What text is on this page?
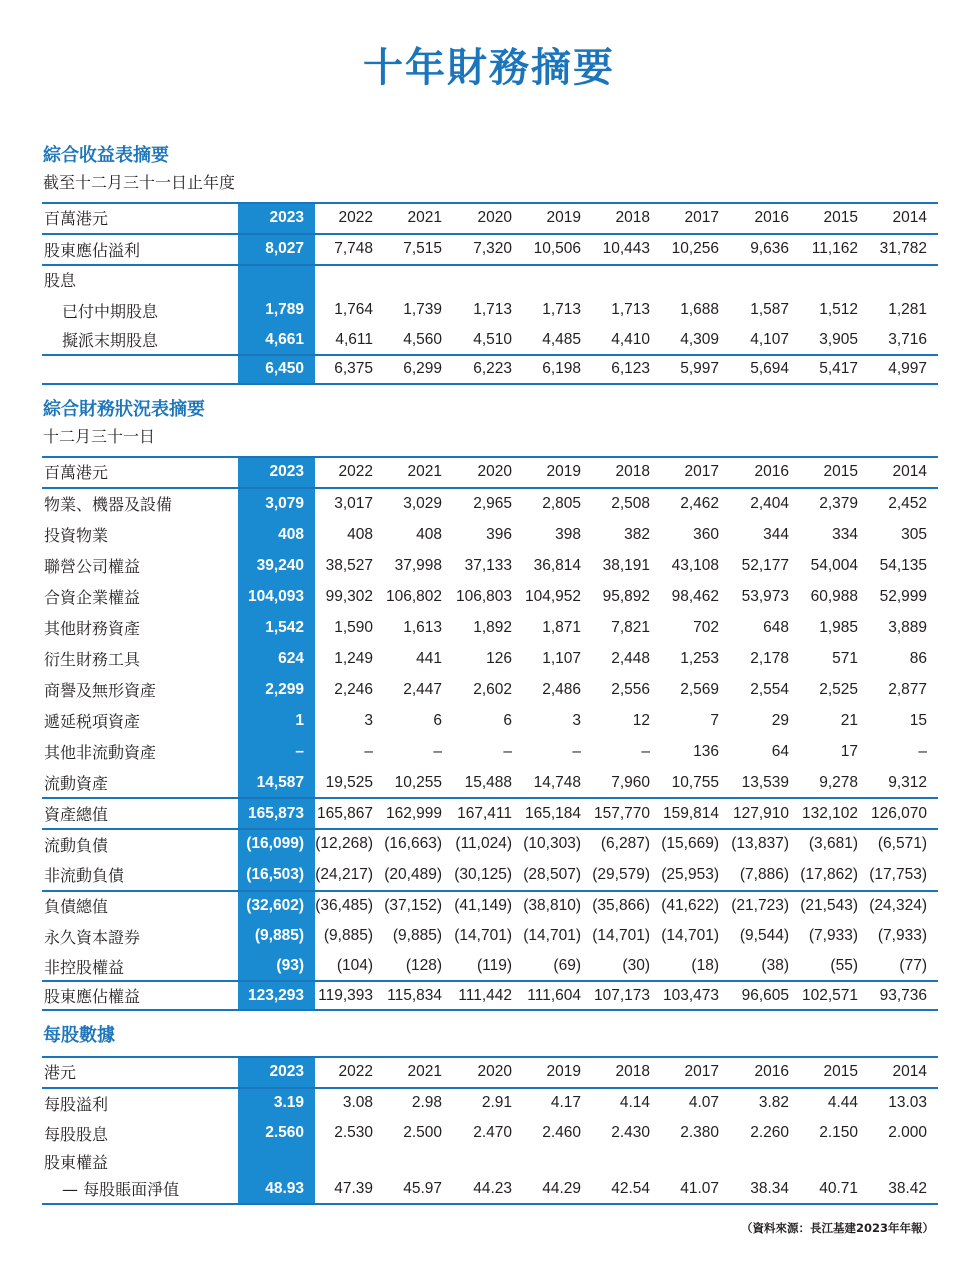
十年財務摘要
綜合收益表摘要
截至十二月三十一日止年度
百萬港元	2023	2022	2021	2020	2019	2018	2017	2016	2015	2014
股東應佔溢利	8,027	7,748	7,515	7,320	10,506	10,443	10,256	9,636	11,162	31,782
股息
已付中期股息	1,789	1,764	1,739	1,713	1,713	1,713	1,688	1,587	1,512	1,281
擬派末期股息	4,661	4,611	4,560	4,510	4,485	4,410	4,309	4,107	3,905	3,716
6,450	6,375	6,299	6,223	6,198	6,123	5,997	5,694	5,417	4,997
綜合財務狀況表摘要
十二月三十一日
百萬港元	2023	2022	2021	2020	2019	2018	2017	2016	2015	2014
物業、機器及設備	3,079	3,017	3,029	2,965	2,805	2,508	2,462	2,404	2,379	2,452
投資物業	408	408	408	396	398	382	360	344	334	305
聯營公司權益	39,240	38,527	37,998	37,133	36,814	38,191	43,108	52,177	54,004	54,135
合資企業權益	104,093	99,302 106,802 106,803 104,952	95,892	98,462	53,973	60,988	52,999
其他財務資產	1,542	1,590	1,613	1,892	1,871	7,821	702	648	1,985	3,889
衍生財務工具	624	1,249	441	126	1,107	2,448	1,253	2,178	571	86
商譽及無形資產	2,299	2,246	2,447	2,602	2,486	2,556	2,569	2,554	2,525	2,877
遞延税項資產	1	3	6	6	3	12	7	29	21	15
其他非流動資產	–	–	–	–	–	–	136	64	17	–
流動資產	14,587	19,525	10,255	15,488	14,748	7,960	10,755	13,539	9,278	9,312
資產總值	165,873 165,867 162,999 167,411 165,184 157,770 159,814 127,910 132,102 126,070
流動負債	(16,099) (12,268) (16,663) (11,024) (10,303)	(6,287) (15,669) (13,837)	(3,681)	(6,571)
非流動負債	(16,503) (24,217) (20,489) (30,125) (28,507) (29,579) (25,953)	(7,886) (17,862) (17,753)
負債總值	(32,602) (36,485) (37,152) (41,149) (38,810) (35,866) (41,622) (21,723) (21,543) (24,324)
永久資本證券	(9,885)	(9,885)	(9,885) (14,701) (14,701) (14,701) (14,701)	(9,544)	(7,933)	(7,933)
非控股權益	(93)	(104)	(128)	(119)	(69)	(30)	(18)	(38)	(55)	(77)
股東應佔權益	123,293 119,393 115,834	111,442 111,604 107,173 103,473	96,605 102,571	93,736
每股數據
港元	2023	2022	2021	2020	2019	2018	2017	2016	2015	2014
每股溢利	3.19	3.08	2.98	2.91	4.17	4.14	4.07	3.82	4.44	13.03
每股股息	2.560	2.530	2.500	2.470	2.460	2.430	2.380	2.260	2.150	2.000
股東權益
— 每股賬面淨值	48.93	47.39	45.97	44.23	44.29	42.54	41.07	38.34	40.71	38.42
（資料來源：長江基建2023年年報）
